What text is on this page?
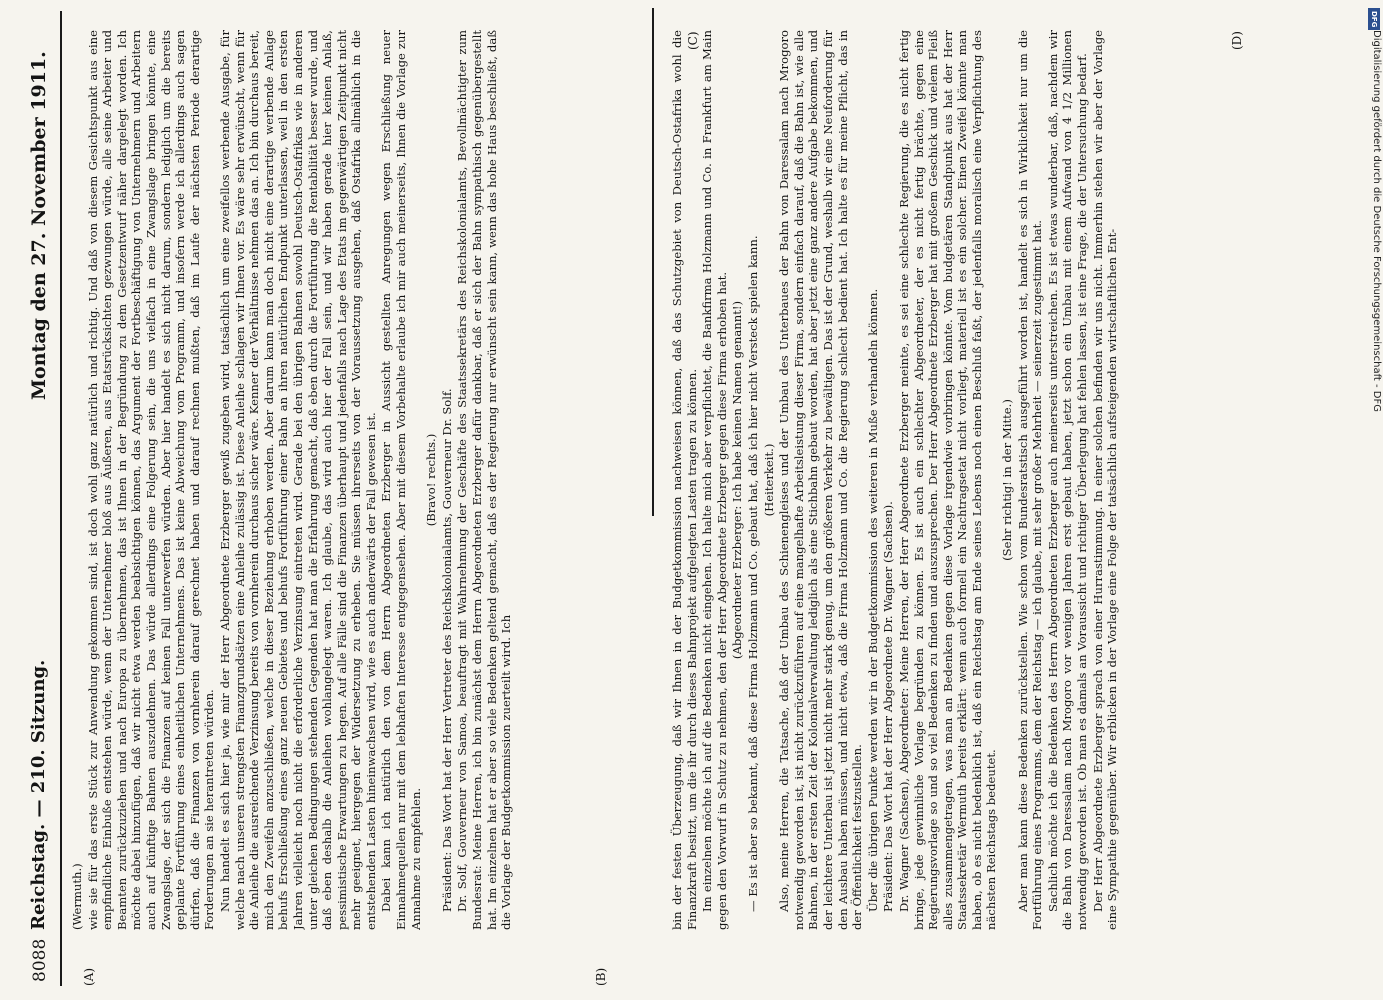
8088
Reichstag. — 210. Sitzung.
Montag den 27. November 1911.
(A)	(B)
(C)	(D)

(Wermuth.) wie sie für das erste Stück zur Anwendung gekommen sind, ist doch wohl ganz natürlich und richtig. Und daß von diesem Gesichtspunkt aus eine empfindliche Einbuße entstehen würde, wenn der Unternehmer bloß aus Äußeren, aus Etatsrücksichten gezwungen würde, alle seine Arbeiter und Beamten zurückzuziehen und nach Europa zu übernehmen, das ist Ihnen in der Begründung zu dem Gesetzentwurf näher dargelegt worden. Ich möchte dabei hinzufügen, daß wir nicht etwa werden beabsichtigen können, das Argument der Fortbeschäftigung von Unternehmern und Arbeitern auch auf künftige Bahnen auszudehnen. Das würde allerdings eine Folgerung sein, die uns vielfach in eine Zwangslage bringen könnte, eine Zwangslage, der sich die Finanzen auf keinen Fall unterwerfen würden. Aber hier handelt es sich nicht darum, sondern lediglich um die bereits geplante Fortführung eines einheitlichen Unternehmens. Das ist keine Abweichung vom Programm, und insofern werde ich allerdings auch sagen dürfen, daß die Finanzen von vornherein darauf gerechnet haben und darauf rechnen mußten, daß im Laufe der nächsten Periode derartige Forderungen an sie herantreten würden. Nun handelt es sich hier ja, wie mir der Herr Abgeordnete Erzberger gewiß zugeben wird, tatsächlich um eine zweifellos werbende Ausgabe, für welche nach unseren strengsten Finanzgrundsätzen eine Anleihe zulässig ist. Diese Anleihe schlagen wir Ihnen vor. Es wäre sehr erwünscht, wenn für die Anleihe die ausreichende Verzinsung bereits von vornherein durchaus sicher wäre. Kenner der Verhältnisse nehmen das an. Ich bin durchaus bereit, mich den Zweifeln anzuschließen, welche in dieser Beziehung erhoben werden. Aber darum kann man doch nicht eine derartige werbende Anlage behufs Erschließung eines ganz neuen Gebietes und behufs Fortführung einer Bahn an ihren natürlichen Endpunkt unterlassen, weil in den ersten Jahren vielleicht noch nicht die erforderliche Verzinsung eintreten wird. Gerade bei den übrigen Bahnen sowohl Deutsch-Ostafrikas wie in anderen unter gleichen Bedingungen stehenden Gegenden hat man die Erfahrung gemacht, daß eben durch die Fortführung die Rentabilität besser wurde, und daß eben deshalb die Anleihen wohlangelegt waren. Ich glaube, das wird auch hier der Fall sein, und wir haben gerade hier keinen Anlaß, pessimistische Erwartungen zu hegen. Auf alle Fälle sind die Finanzen überhaupt und jedenfalls nach Lage des Etats im gegenwärtigen Zeitpunkt nicht mehr geeignet, hiergegen der Widersetzung zu erheben. Sie müssen ihrerseits von der Voraussetzung ausgehen, daß Ostafrika allmählich in die entstehenden Lasten hineinwachsen wird, wie es auch anderwärts der Fall gewesen ist. Dabei kann ich natürlich den von dem Herrn Abgeordneten Erzberger in Aussicht gestellten Anregungen wegen Erschließung neuer Einnahmequellen nur mit dem lebhaften Interesse entgegensehen. Aber mit diesem Vorbehalte erlaube ich mir auch meinerseits, Ihnen die Vorlage zur Annahme zu empfehlen.

(Bravo! rechts.) Präsident: Das Wort hat der Herr Vertreter des Reichskolonialamts, Gouverneur Dr. Solf. Dr. Solf, Gouverneur von Samoa, beauftragt mit Wahrnehmung der Geschäfte des Staatssekretärs des Reichskolonialamts, Bevollmächtigter zum Bundesrat: Meine Herren, ich bin zunächst dem Herrn Abgeordneten Erzberger dafür dankbar, daß er sich der Bahn sympathisch gegenübergestellt hat. Im einzelnen hat er aber so viele Bedenken geltend gemacht, daß es der Regierung nur erwünscht sein kann, wenn das hohe Haus beschließt, daß die Vorlage der Budgetkommission zuerteilt wird. Ich	bin der festen Überzeugung, daß wir Ihnen in der Budgetkommission nachweisen können, daß das Schutzgebiet von Deutsch-Ostafrika wohl die Finanzkraft besitzt, um die ihr durch dieses Bahnprojekt aufgelegten Lasten tragen zu können. Im einzelnen möchte ich auf die Bedenken nicht eingehen. Ich halte mich aber verpflichtet, die Bankfirma Holzmann und Co. in Frankfurt am Main gegen den Vorwurf in Schutz zu nehmen, den der Herr Abgeordnete Erzberger gegen diese Firma erhoben hat. (Abgeordneter Erzberger: Ich habe keinen Namen genannt!) — Es ist aber so bekannt, daß diese Firma Holzmann und Co. gebaut hat, daß ich hier nicht Versteck spielen kann. (Heiterkeit.) Also, meine Herren, die Tatsache, daß der Umbau des Schienengleises und der Umbau des Unterbaues der Bahn von Daressalam nach Mrogoro notwendig geworden ist, ist nicht zurückzuführen auf eine mangelhafte Arbeitsleistung dieser Firma, sondern einfach darauf, daß die Bahn ist, wie alle Bahnen, in der ersten Zeit der Kolonialverwaltung lediglich als eine Stichbahn gebaut worden, hat aber jetzt eine ganz andere Aufgabe bekommen, und der leichtere Unterbau ist jetzt nicht mehr stark genug, um den größeren Verkehr zu bewältigen. Das ist der Grund, weshalb wir eine Neuforderung für den Ausbau haben müssen, und nicht etwa, daß die Firma Holzmann und Co. die Regierung schlecht bedient hat. Ich halte es für meine Pflicht, das in der Öffentlichkeit festzustellen. Über die übrigen Punkte werden wir in der Budgetkommission des weiteren in Muße verhandeln können. Präsident: Das Wort hat der Herr Abgeordnete Dr. Wagner (Sachsen). Dr. Wagner (Sachsen), Abgeordneter: Meine Herren, der Herr Abgeordnete Erzberger meinte, es sei eine schlechte Regierung, die es nicht fertig bringe, jede gewinnliche Vorlage begründen zu können. Es ist auch ein schlechter Abgeordneter, der es nicht fertig brächte, gegen eine Regierungsvorlage so und so viel Bedenken zu finden und auszusprechen. Der Herr Abgeordnete Erzberger hat mit großem Geschick und vielem Fleiß alles zusammengetragen, was man an Bedenken gegen diese Vorlage irgendwie vorbringen könnte. Vom budgetären Standpunkt aus hat der Herr Staatssekretär Wermuth bereits erklärt: wenn auch formell ein Nachtragsetat nicht vorliegt, materiell ist es ein solcher. Einen Zweifel könnte man haben, ob es nicht bedenklich ist, daß ein Reichstag am Ende seines Lebens noch einen Beschluß faßt, der jedenfalls moralisch eine Verpflichtung des nächsten Reichstags bedeutet.

(Sehr richtig! in der Mitte.) Aber man kann diese Bedenken zurückstellen. Wie schon vom Bundesratstisch ausgeführt worden ist, handelt es sich in Wirklichkeit nur um die Fortführung eines Programms, dem der Reichstag — ich glaube, mit sehr großer Mehrheit — seinerzeit zugestimmt hat. Sachlich möchte ich die Bedenken des Herrn Abgeordneten Erzberger auch meinerseits unterstreichen. Es ist etwas wunderbar, daß, nachdem wir die Bahn von Daressalam nach Mrogoro vor wenigen Jahren erst gebaut haben, jetzt schon ein Umbau mit einem Aufwand von 4 1/2 Millionen notwendig geworden ist. Ob man es damals an Voraussicht und richtiger Überlegung hat fehlen lassen, ist eine Frage, die der Untersuchung bedarf. Der Herr Abgeordnete Erzberger sprach von einer Hurrastimmung. In einer solchen befinden wir uns nicht. Immerhin stehen wir aber der Vorlage eine Sympathie gegenüber. Wir erblicken in der Vorlage eine Folge der tatsächlich aufsteigenden wirtschaftlichen Ent-

DFG
Digitalisierung gefördert durch die Deutsche Forschungsgemeinschaft - DFG
